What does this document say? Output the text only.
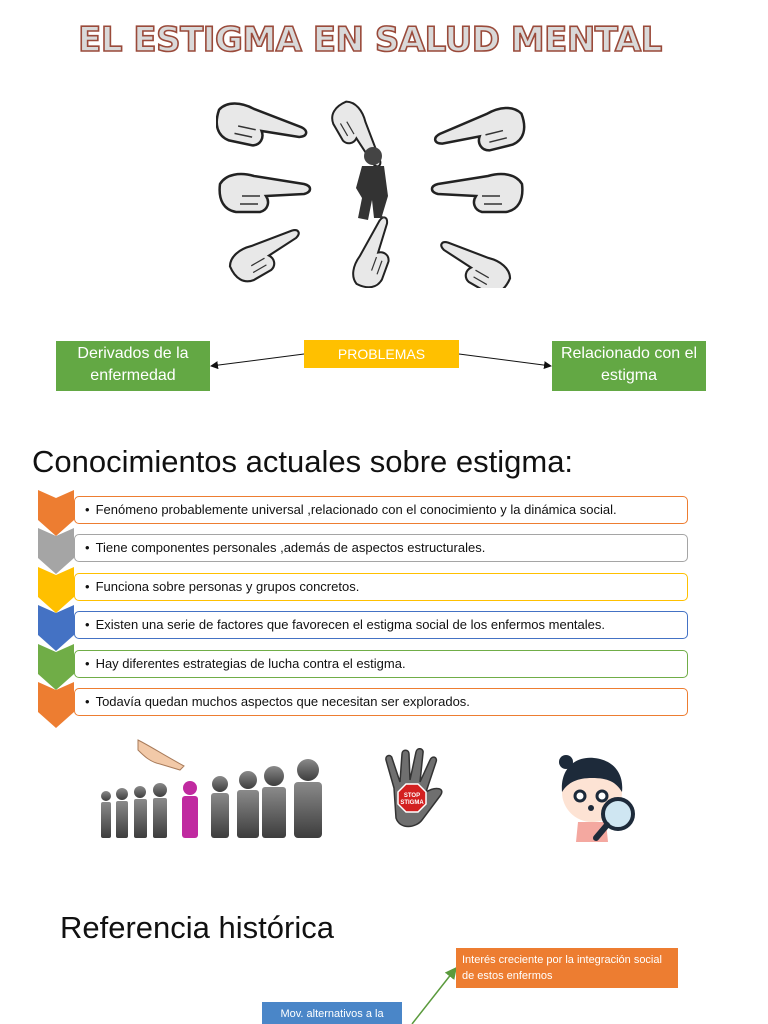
EL ESTIGMA EN SALUD MENTAL
PROBLEMAS
Derivados de la enfermedad
Relacionado con el estigma
Conocimientos actuales sobre estigma:
• Fenómeno probablemente universal ,relacionado con el conocimiento y la dinámica social.
• Tiene componentes personales ,además de aspectos estructurales.
• Funciona sobre personas y grupos concretos.
• Existen una serie de factores que favorecen el estigma social de los enfermos mentales.
• Hay diferentes estrategias de lucha contra el estigma.
• Todavía quedan muchos aspectos que necesitan ser explorados.
STOP
STIGMA
Referencia histórica
Interés creciente por la integración social de estos enfermos
Mov. alternativos a la
